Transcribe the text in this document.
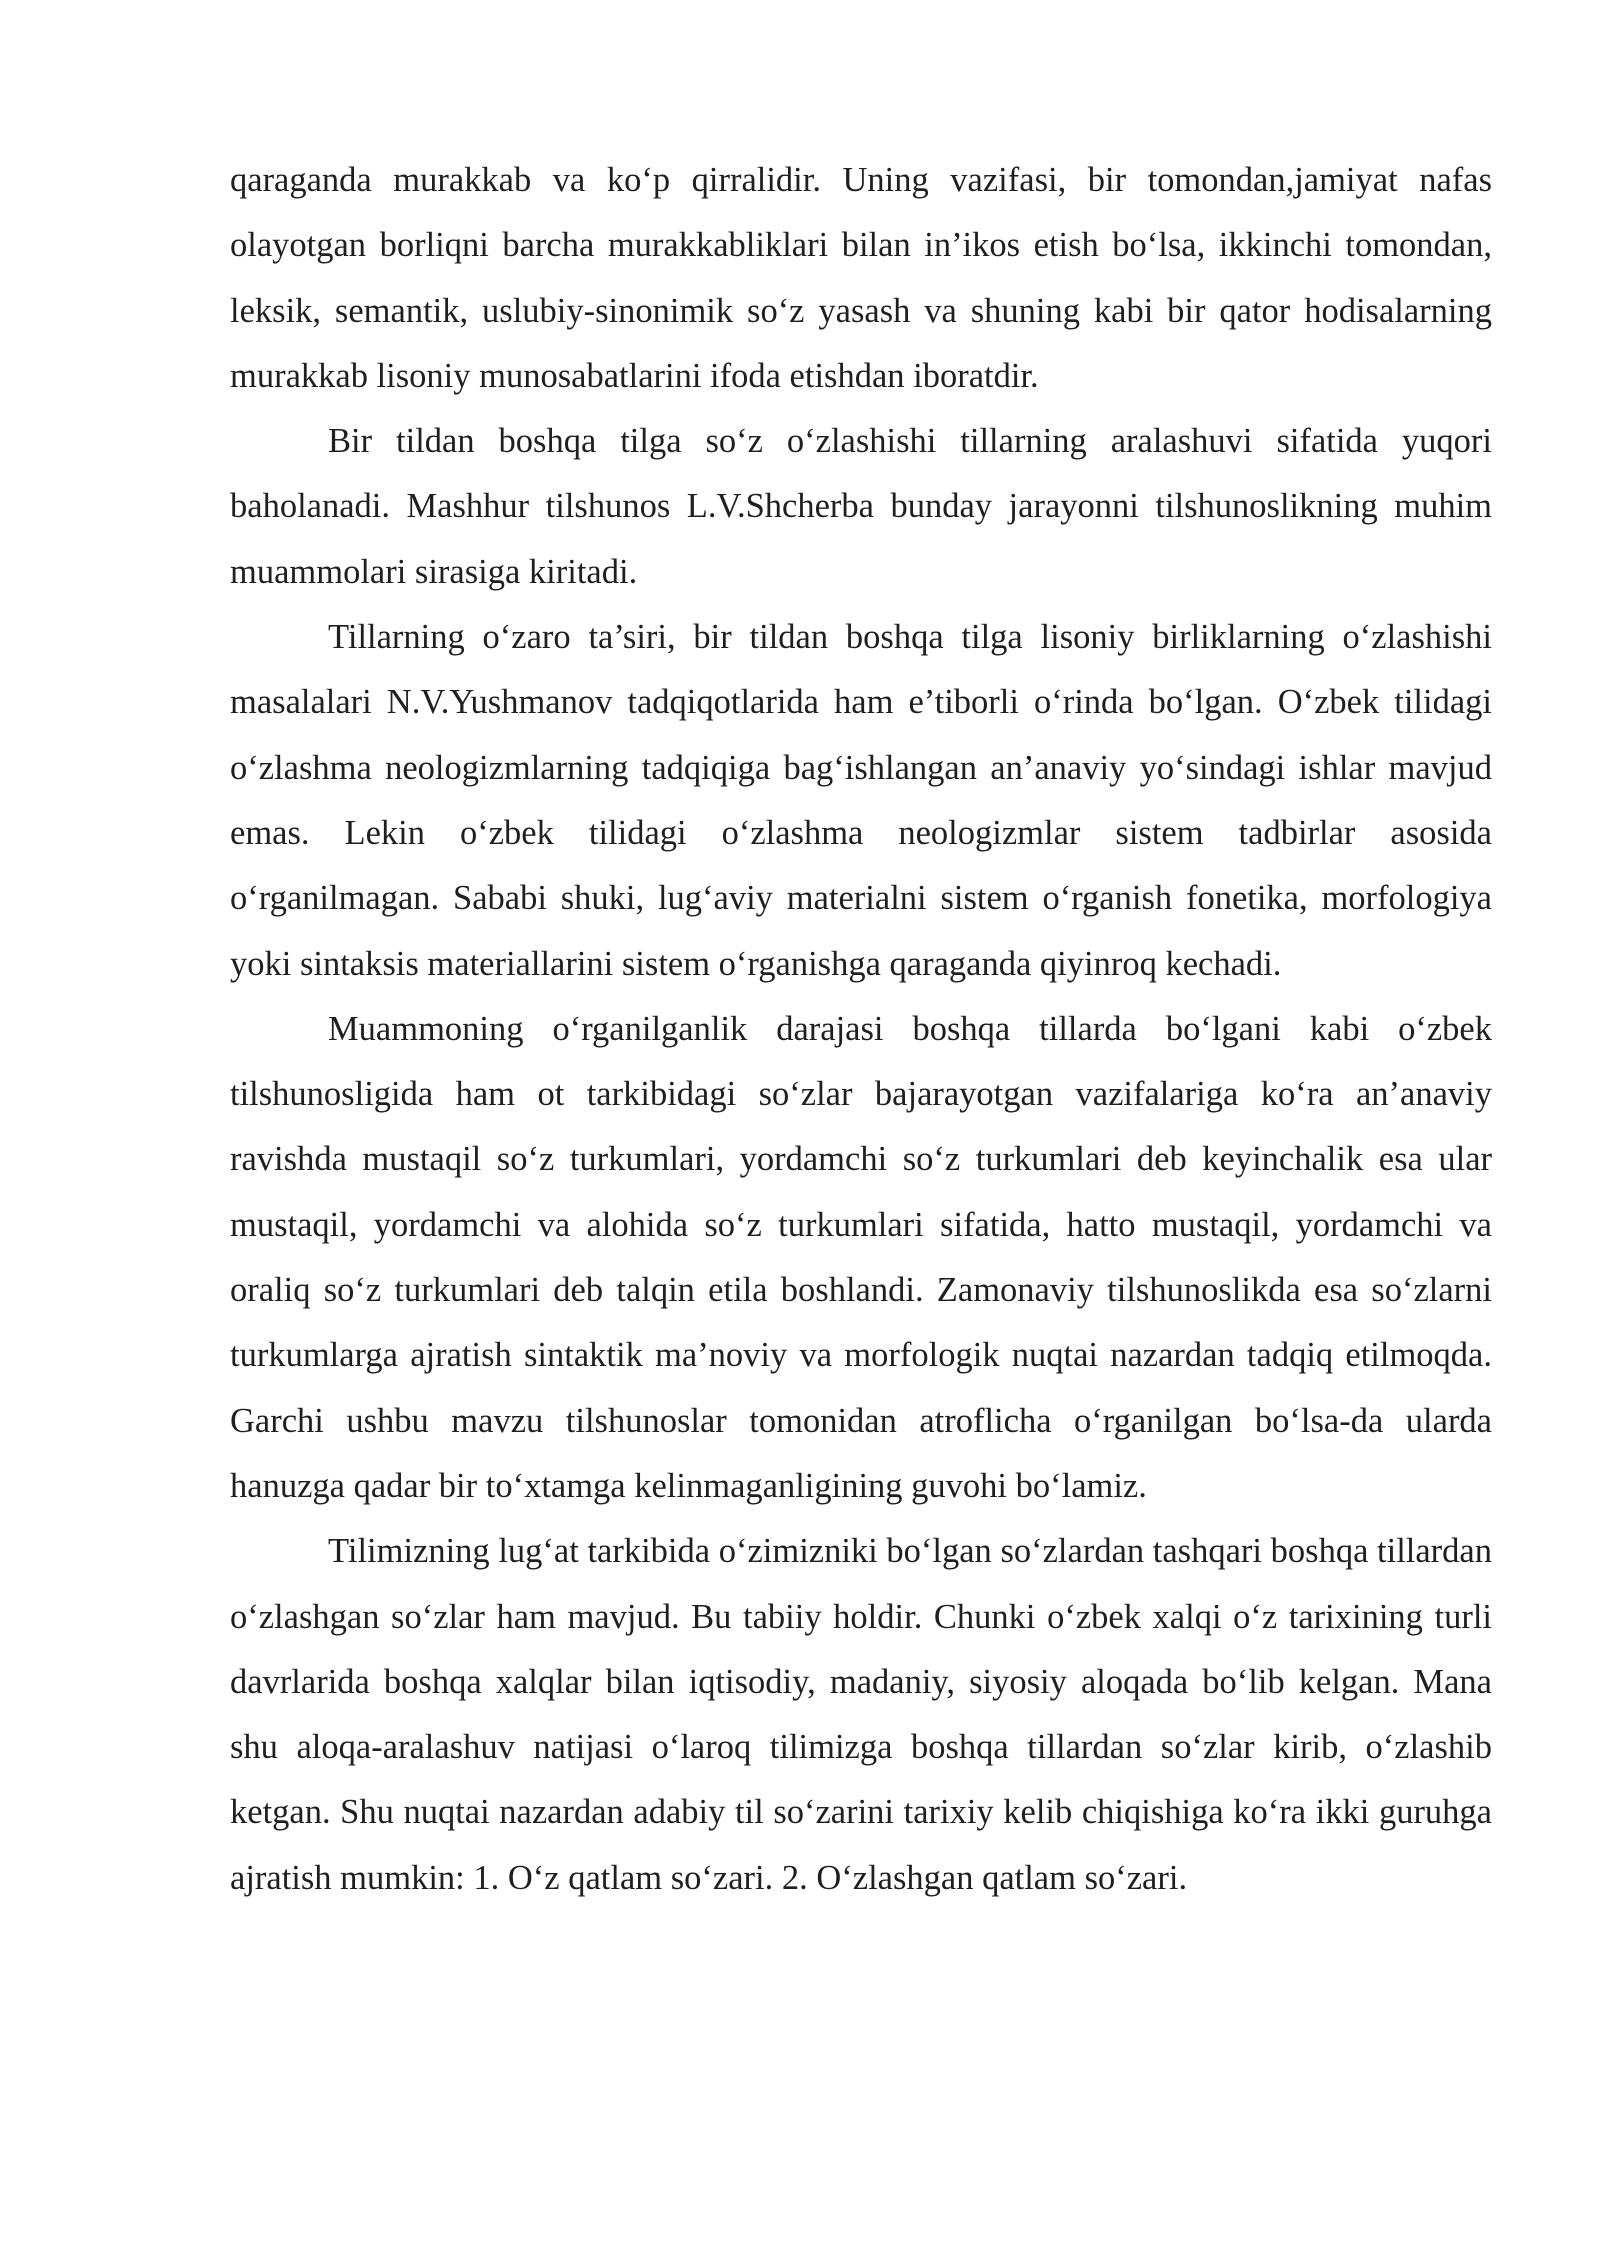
qaraganda murakkab va koʻp qirralidir. Uning vazifasi, bir tomondan,jamiyat nafas olayotgan borliqni barcha murakkabliklari bilan in’ikos etish boʻlsa, ikkinchi tomondan, leksik, semantik, uslubiy-sinonimik soʻz yasash va shuning kabi bir qator hodisalarning murakkab lisoniy munosabatlarini ifoda etishdan iboratdir.

Bir tildan boshqa tilga soʻz oʻzlashishi tillarning aralashuvi sifatida yuqori baholanadi. Mashhur tilshunos L.V.Shcherba bunday jarayonni tilshunoslikning muhim muammolari sirasiga kiritadi.

Tillarning oʻzaro ta’siri, bir tildan boshqa tilga lisoniy birliklarning oʻzlashishi masalalari N.V.Yushmanov tadqiqotlarida ham e’tiborli oʻrinda boʻlgan. Oʻzbek tilidagi oʻzlashma neologizmlarning tadqiqiga bagʻishlangan an’anaviy yoʻsindagi ishlar mavjud emas. Lekin oʻzbek tilidagi oʻzlashma neologizmlar sistem tadbirlar asosida oʻrganilmagan. Sababi shuki, lugʻaviy materialni sistem oʻrganish fonetika, morfologiya yoki sintaksis materiallarini sistem oʻrganishga qaraganda qiyinroq kechadi.

Muammoning oʻrganilganlik darajasi boshqa tillarda boʻlgani kabi oʻzbek tilshunosligida ham ot tarkibidagi soʻzlar bajarayotgan vazifalariga koʻra an’anaviy ravishda mustaqil soʻz turkumlari, yordamchi soʻz turkumlari deb keyinchalik esa ular mustaqil, yordamchi va alohida soʻz turkumlari sifatida, hatto mustaqil, yordamchi va oraliq soʻz turkumlari deb talqin etila boshlandi. Zamonaviy tilshunoslikda esa soʻzlarni turkumlarga ajratish sintaktik ma’noviy va morfologik nuqtai nazardan tadqiq etilmoqda. Garchi ushbu mavzu tilshunoslar tomonidan atroflicha oʻrganilgan boʻlsa-da ularda hanuzga qadar bir toʻxtamga kelinmaganligining guvohi boʻlamiz.

Tilimizning lugʻat tarkibida oʻzimizniki boʻlgan soʻzlardan tashqari boshqa tillardan oʻzlashgan soʻzlar ham mavjud. Bu tabiiy holdir. Chunki oʻzbek xalqi oʻz tarixining turli davrlarida boshqa xalqlar bilan iqtisodiy, madaniy, siyosiy aloqada boʻlib kelgan. Mana shu aloqa-aralashuv natijasi oʻlaroq tilimizga boshqa tillardan soʻzlar kirib, oʻzlashib ketgan. Shu nuqtai nazardan adabiy til soʻzarini tarixiy kelib chiqishiga koʻra ikki guruhga ajratish mumkin: 1. Oʻz qatlam soʻzari. 2. Oʻzlashgan qatlam soʻzari.
